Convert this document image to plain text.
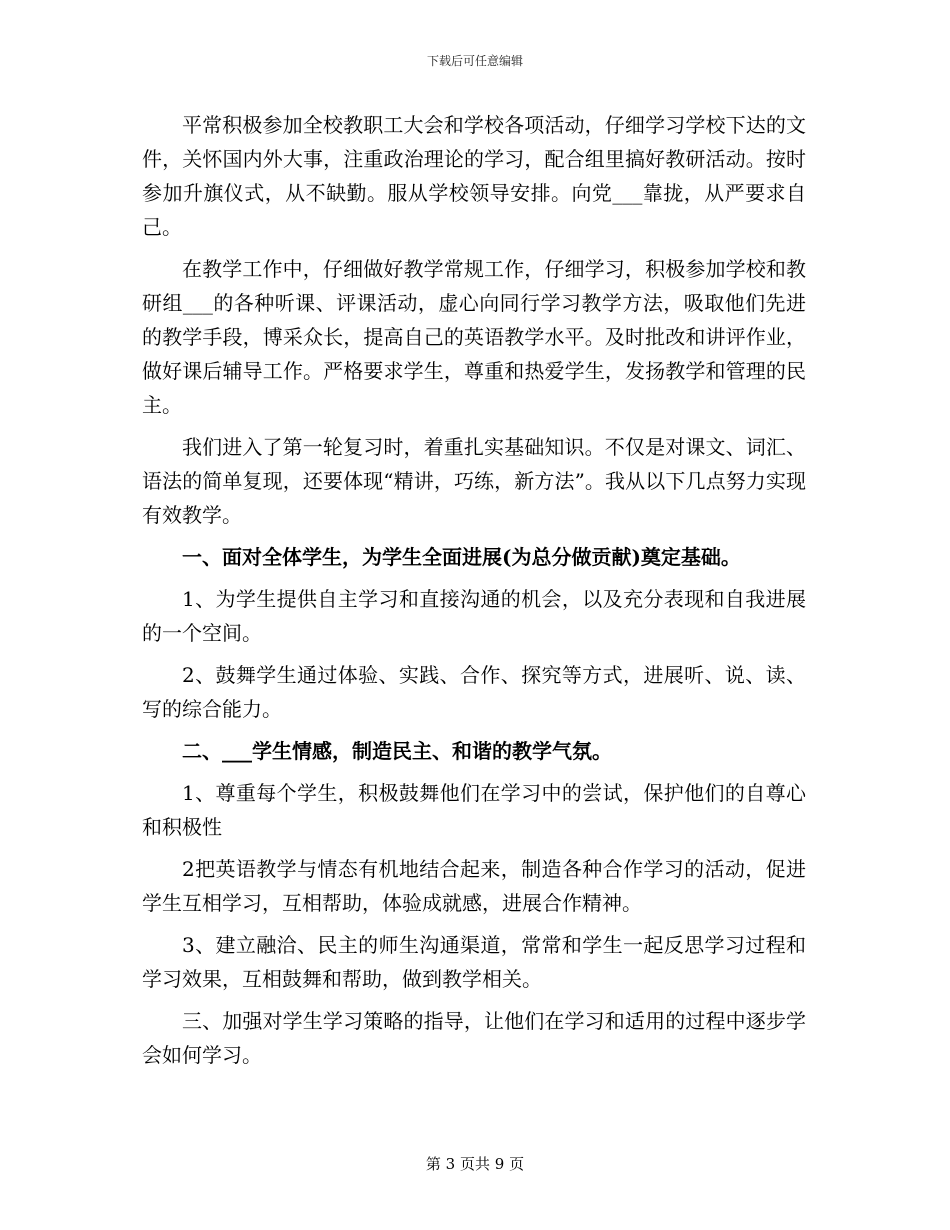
下载后可任意编辑

平常积极参加全校教职工大会和学校各项活动，仔细学习学校下达的文件，关怀国内外大事，注重政治理论的学习，配合组里搞好教研活动。按时参加升旗仪式，从不缺勤。服从学校领导安排。向党___靠拢，从严要求自己。

在教学工作中，仔细做好教学常规工作，仔细学习，积极参加学校和教研组___的各种听课、评课活动，虚心向同行学习教学方法，吸取他们先进的教学手段，博采众长，提高自己的英语教学水平。及时批改和讲评作业，做好课后辅导工作。严格要求学生，尊重和热爱学生，发扬教学和管理的民主。

我们进入了第一轮复习时，着重扎实基础知识。不仅是对课文、词汇、语法的简单复现，还要体现“精讲，巧练，新方法”。我从以下几点努力实现有效教学。

一、面对全体学生，为学生全面进展(为总分做贡献)奠定基础。

1、为学生提供自主学习和直接沟通的机会，以及充分表现和自我进展的一个空间。

2、鼓舞学生通过体验、实践、合作、探究等方式，进展听、说、读、写的综合能力。

二、___学生情感，制造民主、和谐的教学气氛。

1、尊重每个学生，积极鼓舞他们在学习中的尝试，保护他们的自尊心和积极性

2把英语教学与情态有机地结合起来，制造各种合作学习的活动，促进学生互相学习，互相帮助，体验成就感，进展合作精神。

3、建立融洽、民主的师生沟通渠道，常常和学生一起反思学习过程和学习效果，互相鼓舞和帮助，做到教学相关。

三、加强对学生学习策略的指导，让他们在学习和适用的过程中逐步学会如何学习。

第 3 页共 9 页
